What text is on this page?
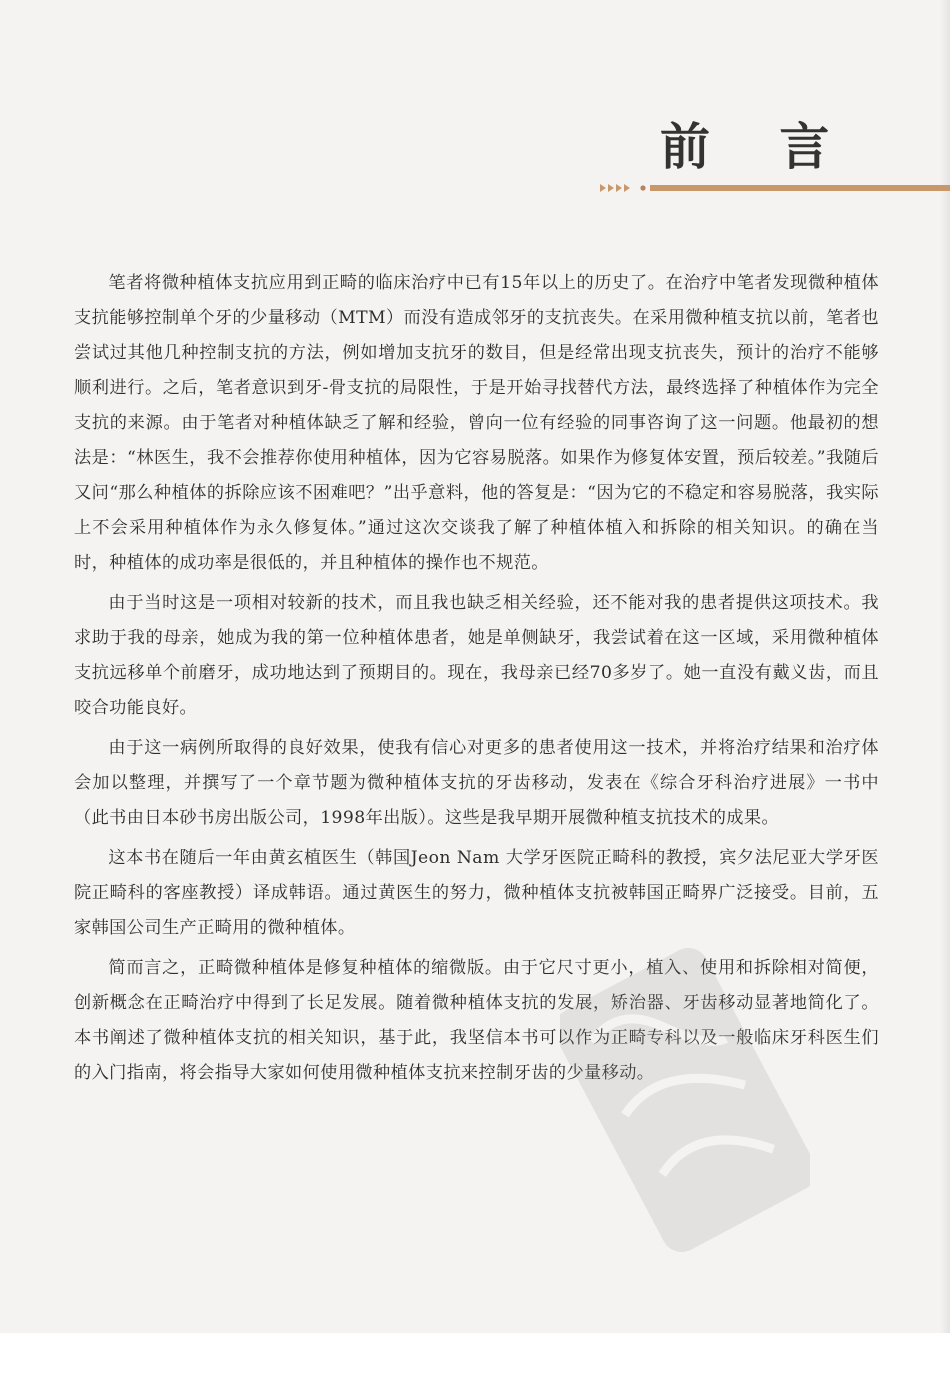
前 言

笔者将微种植体支抗应用到正畸的临床治疗中已有15年以上的历史了。在治疗中笔者发现微种植体支抗能够控制单个牙的少量移动（MTM）而没有造成邻牙的支抗丧失。在采用微种植支抗以前，笔者也尝试过其他几种控制支抗的方法，例如增加支抗牙的数目，但是经常出现支抗丧失，预计的治疗不能够顺利进行。之后，笔者意识到牙-骨支抗的局限性，于是开始寻找替代方法，最终选择了种植体作为完全支抗的来源。由于笔者对种植体缺乏了解和经验，曾向一位有经验的同事咨询了这一问题。他最初的想法是：“林医生，我不会推荐你使用种植体，因为它容易脱落。如果作为修复体安置，预后较差。”我随后又问“那么种植体的拆除应该不困难吧？”出乎意料，他的答复是：“因为它的不稳定和容易脱落，我实际上不会采用种植体作为永久修复体。”通过这次交谈我了解了种植体植入和拆除的相关知识。的确在当时，种植体的成功率是很低的，并且种植体的操作也不规范。

由于当时这是一项相对较新的技术，而且我也缺乏相关经验，还不能对我的患者提供这项技术。我求助于我的母亲，她成为我的第一位种植体患者，她是单侧缺牙，我尝试着在这一区域，采用微种植体支抗远移单个前磨牙，成功地达到了预期目的。现在，我母亲已经70多岁了。她一直没有戴义齿，而且咬合功能良好。

由于这一病例所取得的良好效果，使我有信心对更多的患者使用这一技术，并将治疗结果和治疗体会加以整理，并撰写了一个章节题为微种植体支抗的牙齿移动，发表在《综合牙科治疗进展》一书中（此书由日本砂书房出版公司，1998年出版）。这些是我早期开展微种植支抗技术的成果。

这本书在随后一年由黄玄植医生（韩国Jeon Nam 大学牙医院正畸科的教授，宾夕法尼亚大学牙医院正畸科的客座教授）译成韩语。通过黄医生的努力，微种植体支抗被韩国正畸界广泛接受。目前，五家韩国公司生产正畸用的微种植体。

简而言之，正畸微种植体是修复种植体的缩微版。由于它尺寸更小，植入、使用和拆除相对简便，创新概念在正畸治疗中得到了长足发展。随着微种植体支抗的发展，矫治器、牙齿移动显著地简化了。本书阐述了微种植体支抗的相关知识，基于此，我坚信本书可以作为正畸专科以及一般临床牙科医生们的入门指南，将会指导大家如何使用微种植体支抗来控制牙齿的少量移动。
